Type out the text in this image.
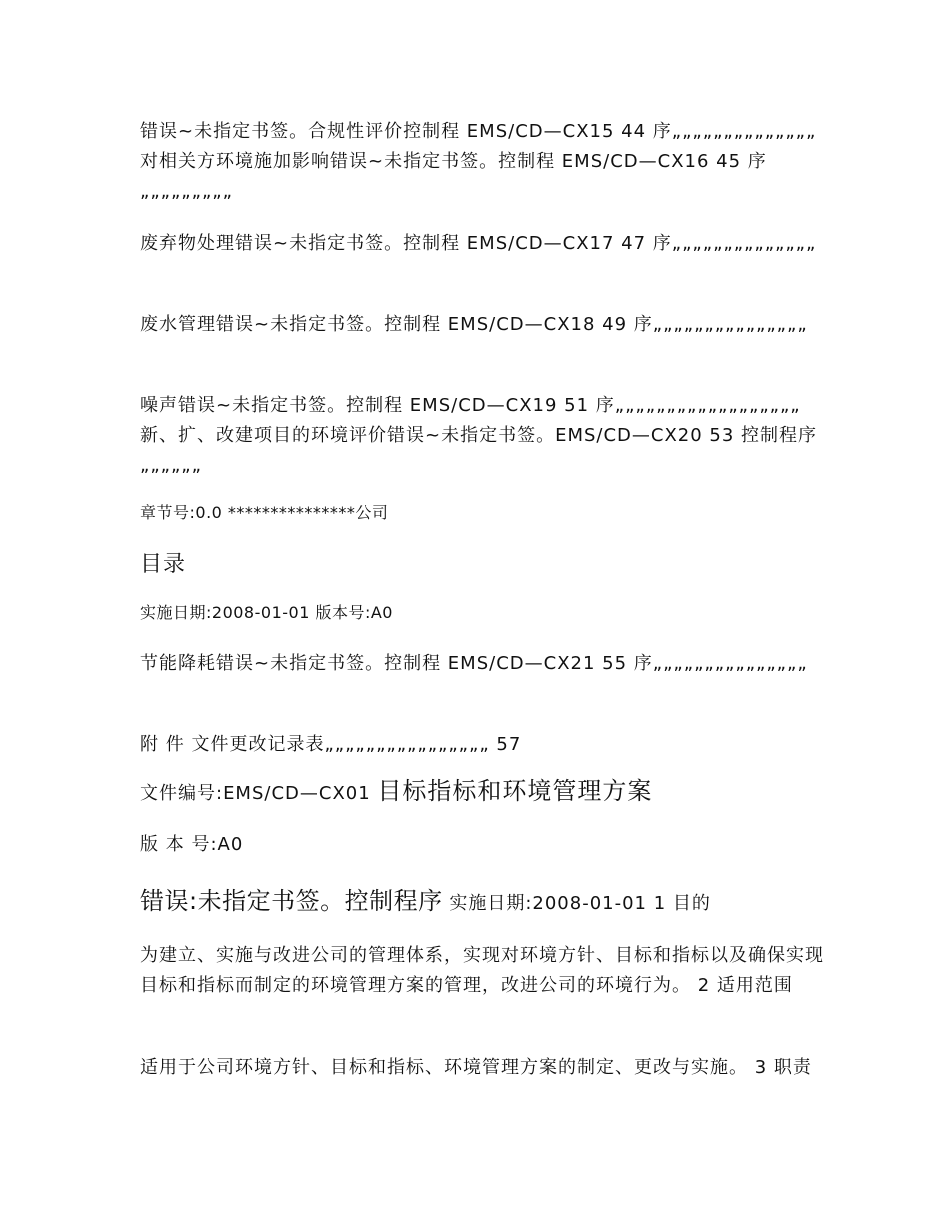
错误~未指定书签。合规性评价控制程 EMS/CD—CX15 44 序„„„„„„„„„„„„„„ 对相关方环境施加影响错误~未指定书签。控制程 EMS/CD—CX16 45 序„„„„„„„„„

废弃物处理错误~未指定书签。控制程 EMS/CD—CX17 47 序„„„„„„„„„„„„„„

废水管理错误~未指定书签。控制程 EMS/CD—CX18 49 序„„„„„„„„„„„„„„„

噪声错误~未指定书签。控制程 EMS/CD—CX19 51 序„„„„„„„„„„„„„„„„„„ 新、扩、改建项目的环境评价错误~未指定书签。EMS/CD—CX20 53 控制程序„„„„„„

章节号:0.0 ***************公司

目录

实施日期:2008-01-01 版本号:A0

节能降耗错误~未指定书签。控制程 EMS/CD—CX21 55 序„„„„„„„„„„„„„„„

附 件 文件更改记录表„„„„„„„„„„„„„„„„ 57

文件编号:EMS/CD—CX01 目标指标和环境管理方案

版 本 号:A0

错误:未指定书签。控制程序 实施日期:2008-01-01 1 目的

为建立、实施与改进公司的管理体系，实现对环境方针、目标和指标以及确保实现目标和指标而制定的环境管理方案的管理，改进公司的环境行为。 2 适用范围

适用于公司环境方针、目标和指标、环境管理方案的制定、更改与实施。 3 职责
